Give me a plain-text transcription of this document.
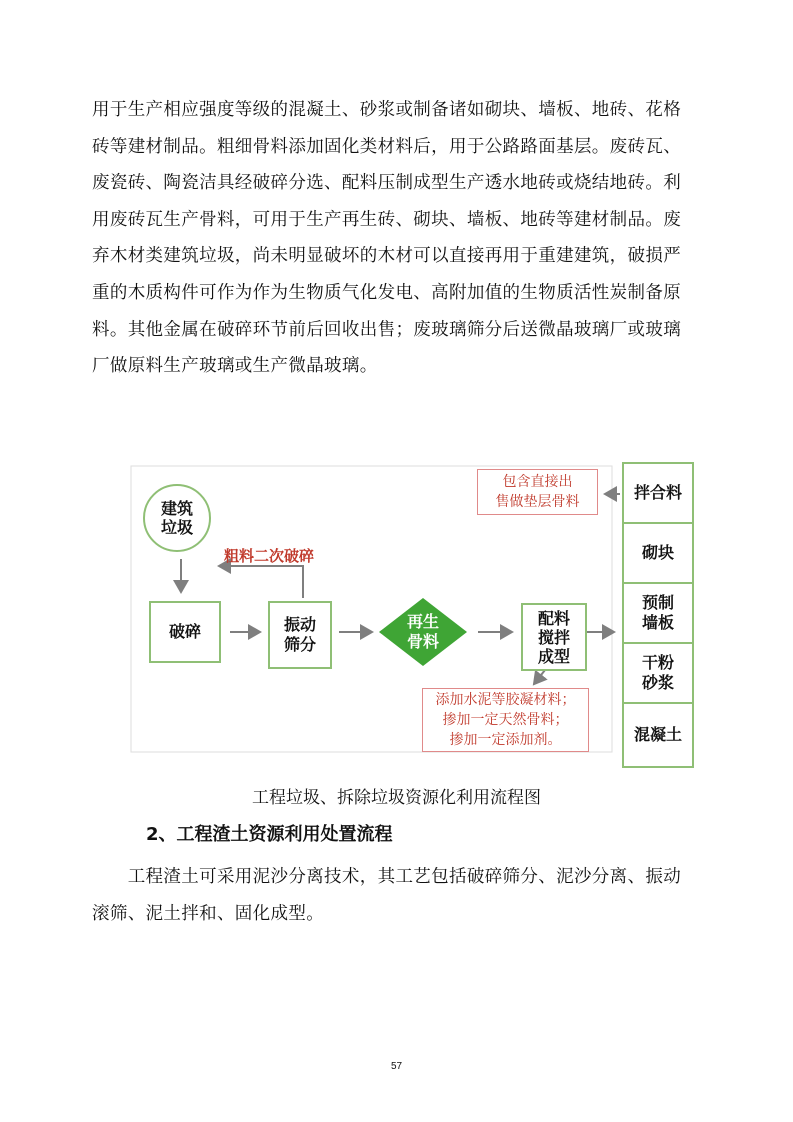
用于生产相应强度等级的混凝土、砂浆或制备诸如砌块、墙板、地砖、花格
砖等建材制品。粗细骨料添加固化类材料后，用于公路路面基层。废砖瓦、
废瓷砖、陶瓷洁具经破碎分选、配料压制成型生产透水地砖或烧结地砖。利
用废砖瓦生产骨料，可用于生产再生砖、砌块、墙板、地砖等建材制品。废
弃木材类建筑垃圾，尚未明显破坏的木材可以直接再用于重建建筑，破损严
重的木质构件可作为作为生物质气化发电、高附加值的生物质活性炭制备原
料。其他金属在破碎环节前后回收出售；废玻璃筛分后送微晶玻璃厂或玻璃
厂做原料生产玻璃或生产微晶玻璃。
建筑
垃圾
粗料二次破碎
破碎	振动
筛分
再生
骨料
配料
搅拌
成型
包含直接出
售做垫层骨料
添加水泥等胶凝材料；
掺加一定天然骨料；
掺加一定添加剂。
拌合料
砌块
预制
墙板
干粉
砂浆
混凝土
工程垃圾、拆除垃圾资源化利用流程图
2、工程渣土资源利用处置流程
　　工程渣土可采用泥沙分离技术，其工艺包括破碎筛分、泥沙分离、振动
滚筛、泥土拌和、固化成型。
57
